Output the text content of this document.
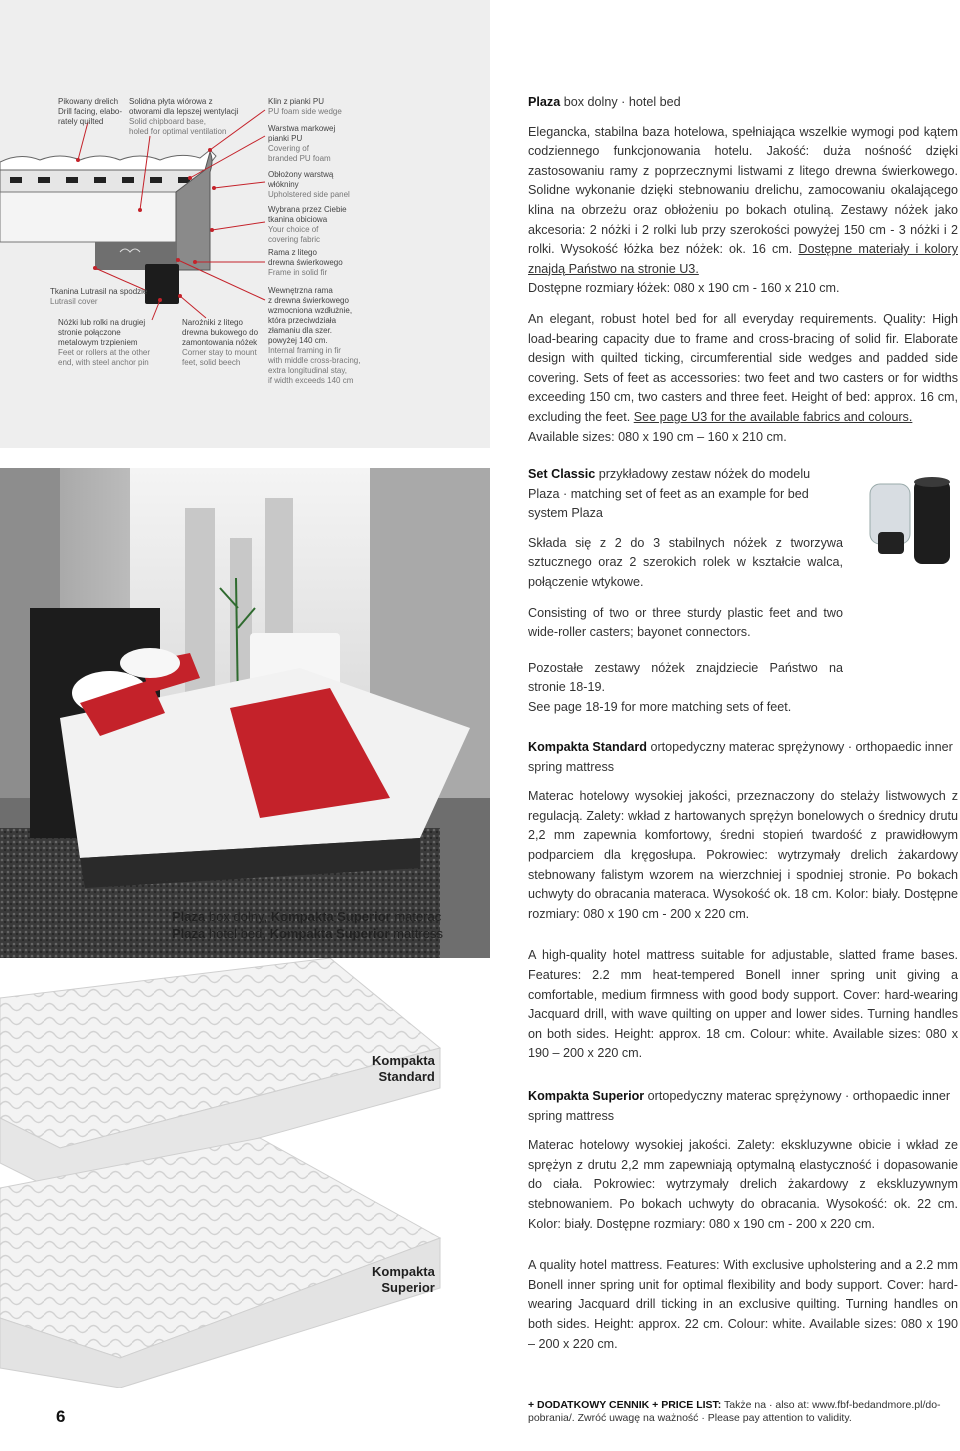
Pikowany drelich
Drill facing, elabo-
rately quilted
Solidna płyta wiórowa z
otworami dla lepszej wentylacji
Solid chipboard base,
holed for optimal ventilation
Klin z pianki PU
PU foam side wedge
Warstwa markowej
pianki PU
Covering of
branded PU foam
Obłożony warstwą
włókniny
Upholstered side panel
Wybrana przez Ciebie
tkanina obiciowa
Your choice of
covering fabric
Rama z litego
drewna świerkowego
Frame in solid fir
Wewnętrzna rama
z drewna świerkowego
wzmocniona wzdłużnie,
która przeciwdziała
złamaniu dla szer.
powyżej 140 cm.
Internal framing in fir
with middle cross-bracing,
extra longitudinal stay,
if width exceeds 140 cm
Tkanina Lutrasil na spodzie
Lutrasil cover
Nóżki lub rolki na drugiej
stronie połączone
metalowym trzpieniem
Feet or rollers at the other
end, with steel anchor pin
Narożniki z litego
drewna bukowego do
zamontowania nóżek
Corner stay to mount
feet, solid beech
Plaza box dolny, Kompakta Superior materac
Plaza hotel bed, Kompakta Superior mattress
Kompakta
Standard
Kompakta
Superior
6

Plaza box dolny · hotel bed

Elegancka, stabilna baza hotelowa, spełniająca wszelkie wymogi pod kątem codziennego funkcjonowania hotelu. Jakość: duża nośność dzięki zastosowaniu ramy z poprzecznymi listwami z litego drewna świerkowego. Solidne wykonanie dzięki stebnowaniu drelichu, zamocowaniu okalającego klina na obrzeżu oraz obłożeniu po bokach otuliną. Zestawy nóżek jako akcesoria: 2 nóżki i 2 rolki lub przy szerokości powyżej 150 cm - 3 nóżki i 2 rolki. Wysokość łóżka bez nóżek: ok. 16 cm. Dostępne materiały i kolory znajdą Państwo na stronie U3.
Dostępne rozmiary łóżek: 080 x 190 cm - 160 x 210 cm.

An elegant, robust hotel bed for all everyday requirements. Quality: High load-bearing capacity due to frame and cross-bracing of solid fir. Elaborate design with quilted ticking, circumferential side wedges and padded side covering. Sets of feet as accessories: two feet and two casters or for widths exceeding 150 cm, two casters and three feet. Height of bed: approx. 16 cm, excluding the feet. See page U3 for the available fabrics and colours.
Available sizes: 080 x 190 cm – 160 x 210 cm.

Set Classic przykładowy zestaw nóżek do modelu Plaza · matching set of feet as an example for bed system Plaza

Składa się z 2 do 3 stabilnych nóżek z tworzywa sztucznego oraz 2 szerokich rolek w kształcie walca, połączenie wtykowe.

Consisting of two or three sturdy plastic feet and two wide-roller casters; bayonet connectors.

Pozostałe zestawy nóżek znajdziecie Państwo na stronie 18-19.

See page 18-19 for more matching sets of feet.

Kompakta Standard ortopedyczny materac sprężynowy · orthopaedic inner spring mattress

Materac hotelowy wysokiej jakości, przeznaczony do stelaży listwowych z regulacją. Zalety: wkład z hartowanych sprężyn bonelowych o średnicy drutu 2,2 mm zapewnia komfortowy, średni stopień twardość z prawidłowym podparciem dla kręgosłupa. Pokrowiec: wytrzymały drelich żakardowy stebnowany falistym wzorem na wierzchniej i spodniej stronie. Po bokach uchwyty do obracania materaca. Wysokość ok. 18 cm. Kolor: biały. Dostępne rozmiary: 080 x 190 cm - 200 x 220 cm.

A high-quality hotel mattress suitable for adjustable, slatted frame bases. Features: 2.2 mm heat-tempered Bonell inner spring unit giving a comfortable, medium firmness with good body support. Cover: hard-wearing Jacquard drill, with wave quilting on upper and lower sides. Turning handles on both sides. Height: approx. 18 cm. Colour: white. Available sizes: 080 x 190 – 200 x 220 cm.

Kompakta Superior ortopedyczny materac sprężynowy · orthopaedic inner spring mattress

Materac hotelowy wysokiej jakości. Zalety: ekskluzywne obicie i wkład ze sprężyn z drutu 2,2 mm zapewniają optymalną elastyczność i dopasowanie do ciała. Pokrowiec: wytrzymały drelich żakardowy z ekskluzywnym stebnowaniem. Po bokach uchwyty do obracania. Wysokość: ok. 22 cm. Kolor: biały. Dostępne rozmiary: 080 x 190 cm - 200 x 220 cm.

A quality hotel mattress. Features: With exclusive upholstering and a 2.2 mm Bonell inner spring unit for optimal flexibility and body support. Cover: hard-wearing Jacquard drill ticking in an exclusive quilting. Turning handles on both sides. Height: approx. 22 cm. Colour: white. Available sizes: 080 x 190 – 200 x 220 cm.

+ DODATKOWY CENNIK + PRICE LIST: Także na · also at: www.fbf-bedandmore.pl/do-pobrania/. Zwróć uwagę na ważność · Please pay attention to validity.
